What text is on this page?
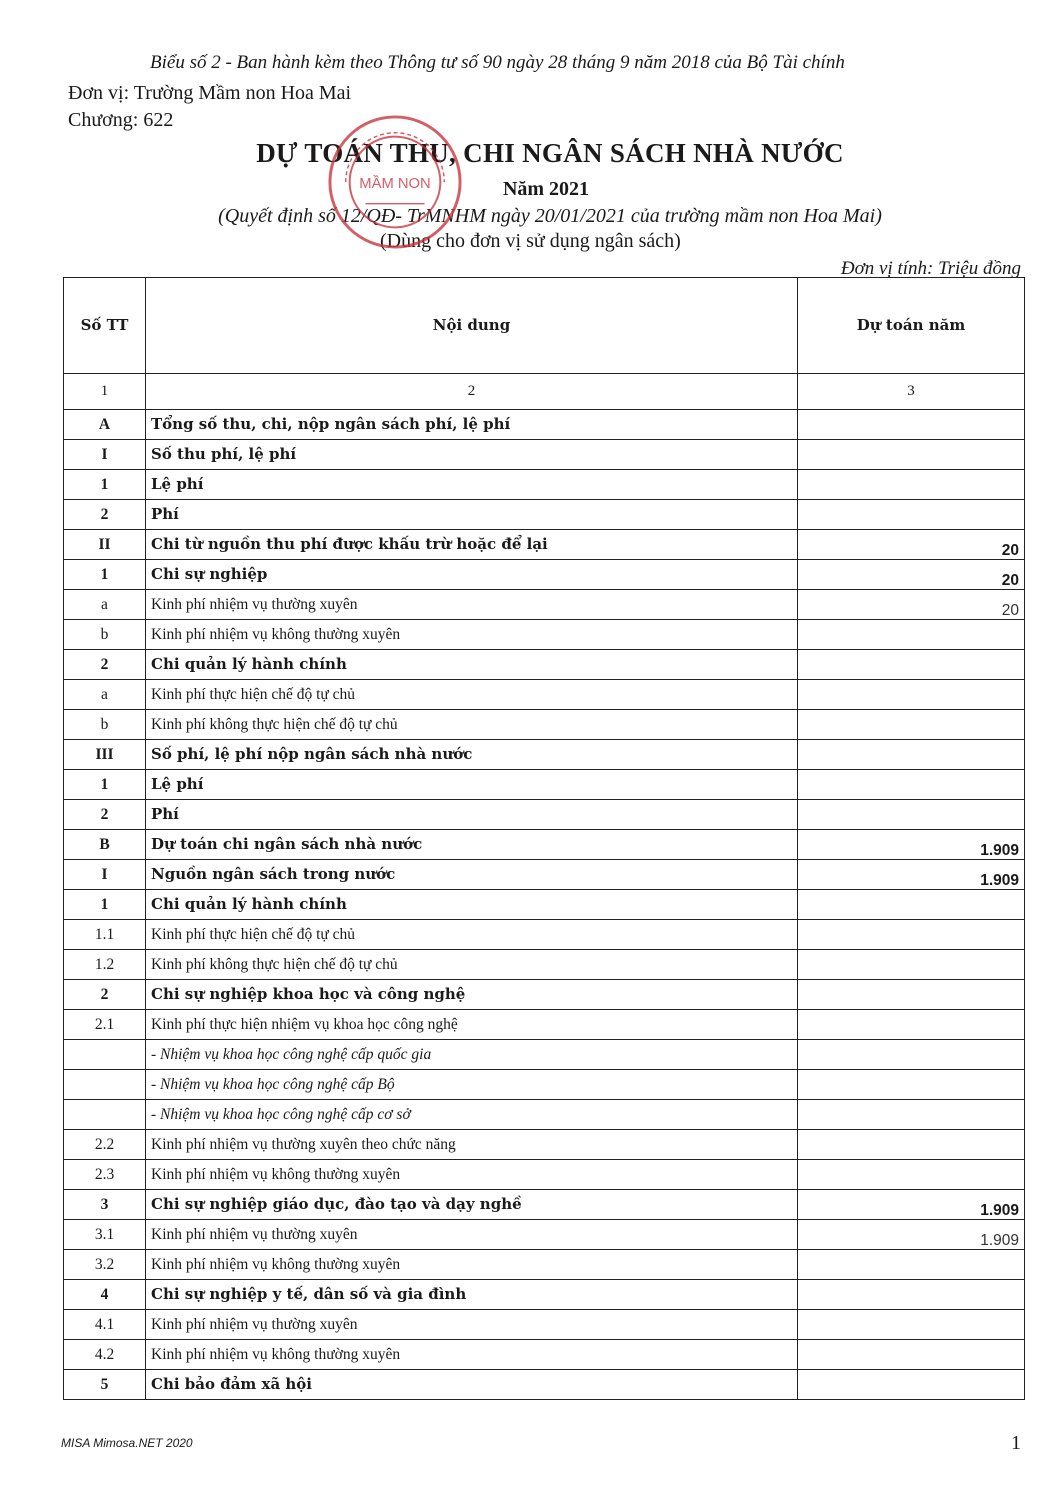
Biểu số 2 - Ban hành kèm theo Thông tư số 90 ngày 28 tháng 9 năm 2018 của Bộ Tài chính
Đơn vị: Trường Mầm non Hoa Mai
Chương: 622
DỰ TOÁN THU, CHI NGÂN SÁCH NHÀ NƯỚC
Năm 2021
(Quyết định số 12/QĐ- TrMNHM ngày 20/01/2021 của trường mầm non Hoa Mai)
(Dùng cho đơn vị sử dụng ngân sách)
Đơn vị tính: Triệu đồng
MẦM NON
Số TT	Nội dung	Dự toán năm
1	2	3
A	Tổng số thu, chi, nộp ngân sách phí, lệ phí	
I	Số thu phí, lệ phí	
1	Lệ phí	
2	Phí	
II	Chi từ nguồn thu phí được khấu trừ hoặc để lại	20
1	Chi sự nghiệp	20
a	Kinh phí nhiệm vụ thường xuyên	20
b	Kinh phí nhiệm vụ không thường xuyên	
2	Chi quản lý hành chính	
a	Kinh phí thực hiện chế độ tự chủ	
b	Kinh phí không thực hiện chế độ tự chủ	
III	Số phí, lệ phí nộp ngân sách nhà nước	
1	Lệ phí	
2	Phí	
B	Dự toán chi ngân sách nhà nước	1.909
I	Nguồn ngân sách trong nước	1.909
1	Chi quản lý hành chính	
1.1	Kinh phí thực hiện chế độ tự chủ	
1.2	Kinh phí không thực hiện chế độ tự chủ	
2	Chi sự nghiệp khoa học và công nghệ	
2.1	Kinh phí thực hiện nhiệm vụ khoa học công nghệ	
	- Nhiệm vụ khoa học công nghệ cấp quốc gia	
	- Nhiệm vụ khoa học công nghệ cấp Bộ	
	- Nhiệm vụ khoa học công nghệ cấp cơ sở	
2.2	Kinh phí nhiệm vụ thường xuyên theo chức năng	
2.3	Kinh phí nhiệm vụ không thường xuyên	
3	Chi sự nghiệp giáo dục, đào tạo và dạy nghề	1.909
3.1	Kinh phí nhiệm vụ thường xuyên	1.909
3.2	Kinh phí nhiệm vụ không thường xuyên	
4	Chi sự nghiệp y tế, dân số và gia đình	
4.1	Kinh phí nhiệm vụ thường xuyên	
4.2	Kinh phí nhiệm vụ không thường xuyên	
5	Chi bảo đảm xã hội	
MISA Mimosa.NET 2020	1
